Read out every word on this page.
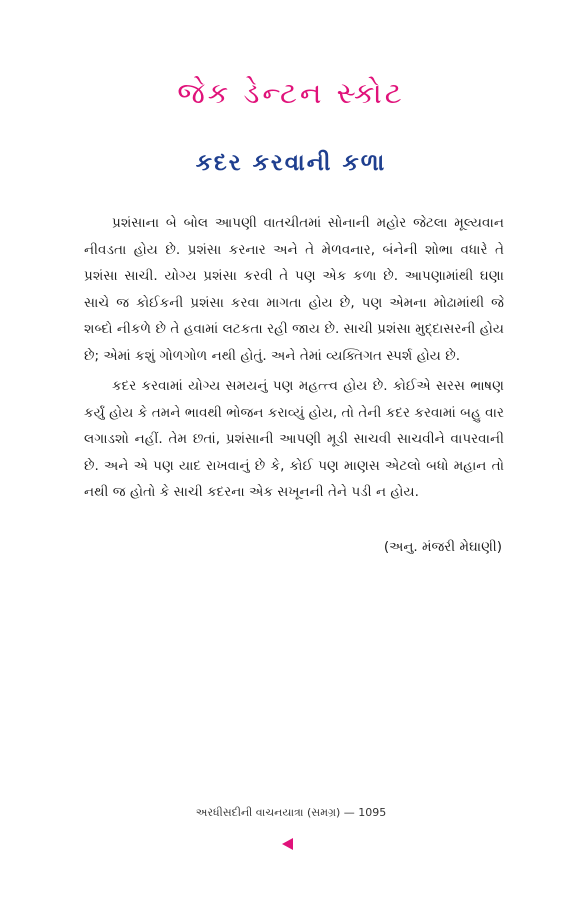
જેક ડેન્ટન સ્કોટ
કદર કરવાની કળા

પ્રશંસાના બે બોલ આપણી વાતચીતમાં સોનાની મહોર જેટલા મૂલ્યવાન નીવડતા હોય છે. પ્રશંસા કરનાર અને તે મેળવનાર, બંનેની શોભા વધારે તે પ્રશંસા સાચી. યોગ્ય પ્રશંસા કરવી તે પણ એક કળા છે. આપણામાંથી ઘણા સાચે જ કોઈકની પ્રશંસા કરવા માગતા હોય છે, પણ એમના મોઢામાંથી જે શબ્દો નીકળે છે તે હવામાં લટકતા રહી જાય છે. સાચી પ્રશંસા મુદ્દાસરની હોય છે; એમાં કશું ગોળગોળ નથી હોતું. અને તેમાં વ્યક્તિગત સ્પર્શ હોય છે.

કદર કરવામાં યોગ્ય સમયનું પણ મહત્ત્વ હોય છે. કોઈએ સરસ ભાષણ કર્યું હોય કે તમને ભાવથી ભોજન કરાવ્યું હોય, તો તેની કદર કરવામાં બહુ વાર લગાડશો નહીં. તેમ છતાં, પ્રશંસાની આપણી મૂડી સાચવી સાચવીને વાપરવાની છે. અને એ પણ યાદ રાખવાનું છે કે, કોઈ પણ માણસ એટલો બધો મહાન તો નથી જ હોતો કે સાચી કદરના એક સખૂનની તેને પડી ન હોય.

(અનુ. મંજરી મેઘાણી)
અરધીસદીની વાચનયાત્રા (સમગ્ર) — 1095
